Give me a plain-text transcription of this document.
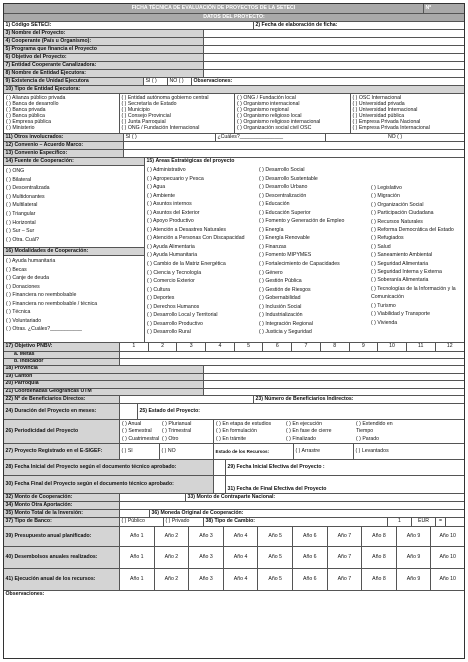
FICHA TÉCNICA DE EVALUACIÓN DE PROYECTOS DE LA SETECI	Nº
DATOS DEL PROYECTO:
1) Código SETECI:	2) Fecha de elaboración de ficha:
3) Nombre del Proyecto:
4) Cooperante (País u Organismo):
5) Programa que financia el Proyecto
6) Objetivo del Proyecto:
7) Entidad Cooperante Canalizadora:
8) Nombre de Entidad Ejecutora:
9) Existencia de Unidad Ejecutora	SI ( )	NO ( )	Observaciones:
10) Tipo de Entidad Ejecutora:
( ) Alianza público privada
( ) Banca de desarrollo
( ) Banca privada
( ) Banca pública
( ) Empresa pública
( ) Ministerio
( ) Entidad autónoma gobierno central
( ) Secretaría de Estado
( ) Municipio
( ) Consejo Provincial
( ) Junta Parroquial
( ) ONG / Fundación Internacional
( ) ONG / Fundación local
( ) Organismo internacional
( ) Organismo regional
( ) Organismo religioso local
( ) Organismo religioso internacional
( ) Organización social civil OSC
( ) OSC Internacional
( ) Universidad privada
( ) Universidad Internacional
( ) Universidad pública
( ) Empresa Privada Nacional
( ) Empresa Privada Internacional
11) Otros involucrados:	SI ( )	¿Cuáles?_______________	NO ( )
12) Convenio – Acuerdo Marco:
13) Convenio Específico:
14) Fuente de Cooperación:
( ) ONG
( ) Bilateral
( ) Descentralizada
( ) Multidonantes
( ) Multilateral
( ) Triangular
( ) Horizontal
( ) Sur – Sur
( ) Otra. Cuál?
16) Modalidades de Cooperación:
( ) Ayuda humanitaria
( ) Becas
( ) Canje de deuda
( ) Donaciones
( ) Financiera no reembolsable
( ) Financiera no reembolsable / técnica
( ) Técnica
( ) Voluntariado
( ) Otras. ¿Cuáles?___________
15) Áreas Estratégicas del proyecto
( ) Administrativo
( ) Agropecuario y Pesca
( ) Agua
( ) Ambiente
( ) Asuntos internos
( ) Asuntos del Exterior
( ) Apoyo Productivo
( ) Atención a Desastres Naturales
( ) Atención a Personas Con Discapacidad
( ) Ayuda Alimentaria
( ) Ayuda Humanitaria
( ) Cambio de la Matriz Energética
( ) Ciencia y Tecnología
( ) Comercio Exterior
( ) Cultura
( ) Deportes
( ) Derechos Humanos
( ) Desarrollo Local y Territorial
( ) Desarrollo Productivo
( ) Desarrollo Rural
( ) Desarrollo Social
( ) Desarrollo Sustentable
( ) Desarrollo Urbano
( ) Descentralización
( ) Educación
( ) Educación Superior
( ) Fomento y Generación de Empleo
( ) Energía
( ) Energía Renovable
( ) Finanzas
( ) Fomento MIPYMES
( ) Fortalecimiento de Capacidades
( ) Género
( ) Gestión Pública
( ) Gestión de Riesgos
( ) Gobernabilidad
( ) Inclusión Social
( ) Industrialización
( ) Integración Regional
( ) Justicia y Seguridad
( ) Legislativo
( ) Migración
( ) Organización Social
( ) Participación Ciudadana
( ) Recursos Naturales
( ) Reforma Democrática del Estado
( ) Refugiados
( ) Salud
( ) Saneamiento Ambiental
( ) Seguridad Alimentaria
( ) Seguridad Interna y Externa
( ) Soberanía Alimentaria
( ) Tecnologías de la Información y la
Comunicación
( ) Turismo
( ) Viabilidad y Transporte
( ) Vivienda
17) Objetivo PNBV:	1	2	3	4	5	6	7	8	9	10	11	12
a. Metas
b. Indicador
18) Provincia
19) Cantón
20) Parroquia
21) Coordenadas Geográficas UTM
22) Nº de Beneficiarios Directos:	23) Número de Beneficiarios Indirectos:
24) Duración del Proyecto en meses:	25) Estado del Proyecto:
26) Periodicidad del Proyecto
( ) Anual
( ) Semestral
( ) Cuatrimestral
( ) Plurianual
( ) Trimestral
( ) Otro
( ) En etapa de estudios
( ) En formulación
( ) En trámite
( ) En ejecución
( ) En fase de cierre
( ) Finalizado
( ) Extendido en
Tiempo
( ) Parado
27) Proyecto Registrado en el E-SIGEF:	( ) SI	( ) NO	Estado de los Recursos:	( ) Arrastre	( ) Levantados
28) Fecha Inicial del Proyecto según el documento técnico aprobado:	29) Fecha Inicial Efectiva del Proyecto :
30) Fecha Final del Proyecto según el documento técnico aprobado:
31) Fecha de Final Efectiva del Proyecto
32) Monto de Cooperación:	33) Monto de Contraparte Nacional:
34) Monto Otra Aportación:
35) Monto Total de la Inversión:	36) Moneda Original de Cooperación:
37) Tipo de Banco:	( ) Público	( ) Privado	38) Tipo de Cambio:	1	EUR	=
39) Presupuesto anual planificado:	Año 1	Año 2	Año 3	Año 4	Año 5	Año 6	Año 7	Año 8	Año 9	Año 10
40) Desembolsos anuales realizados:	Año 1	Año 2	Año 3	Año 4	Año 5	Año 6	Año 7	Año 8	Año 9	Año 10
41) Ejecución anual de los recursos:	Año 1	Año 2	Año 3	Año 4	Año 5	Año 6	Año 7	Año 8	Año 9	Año 10
Observaciones:
